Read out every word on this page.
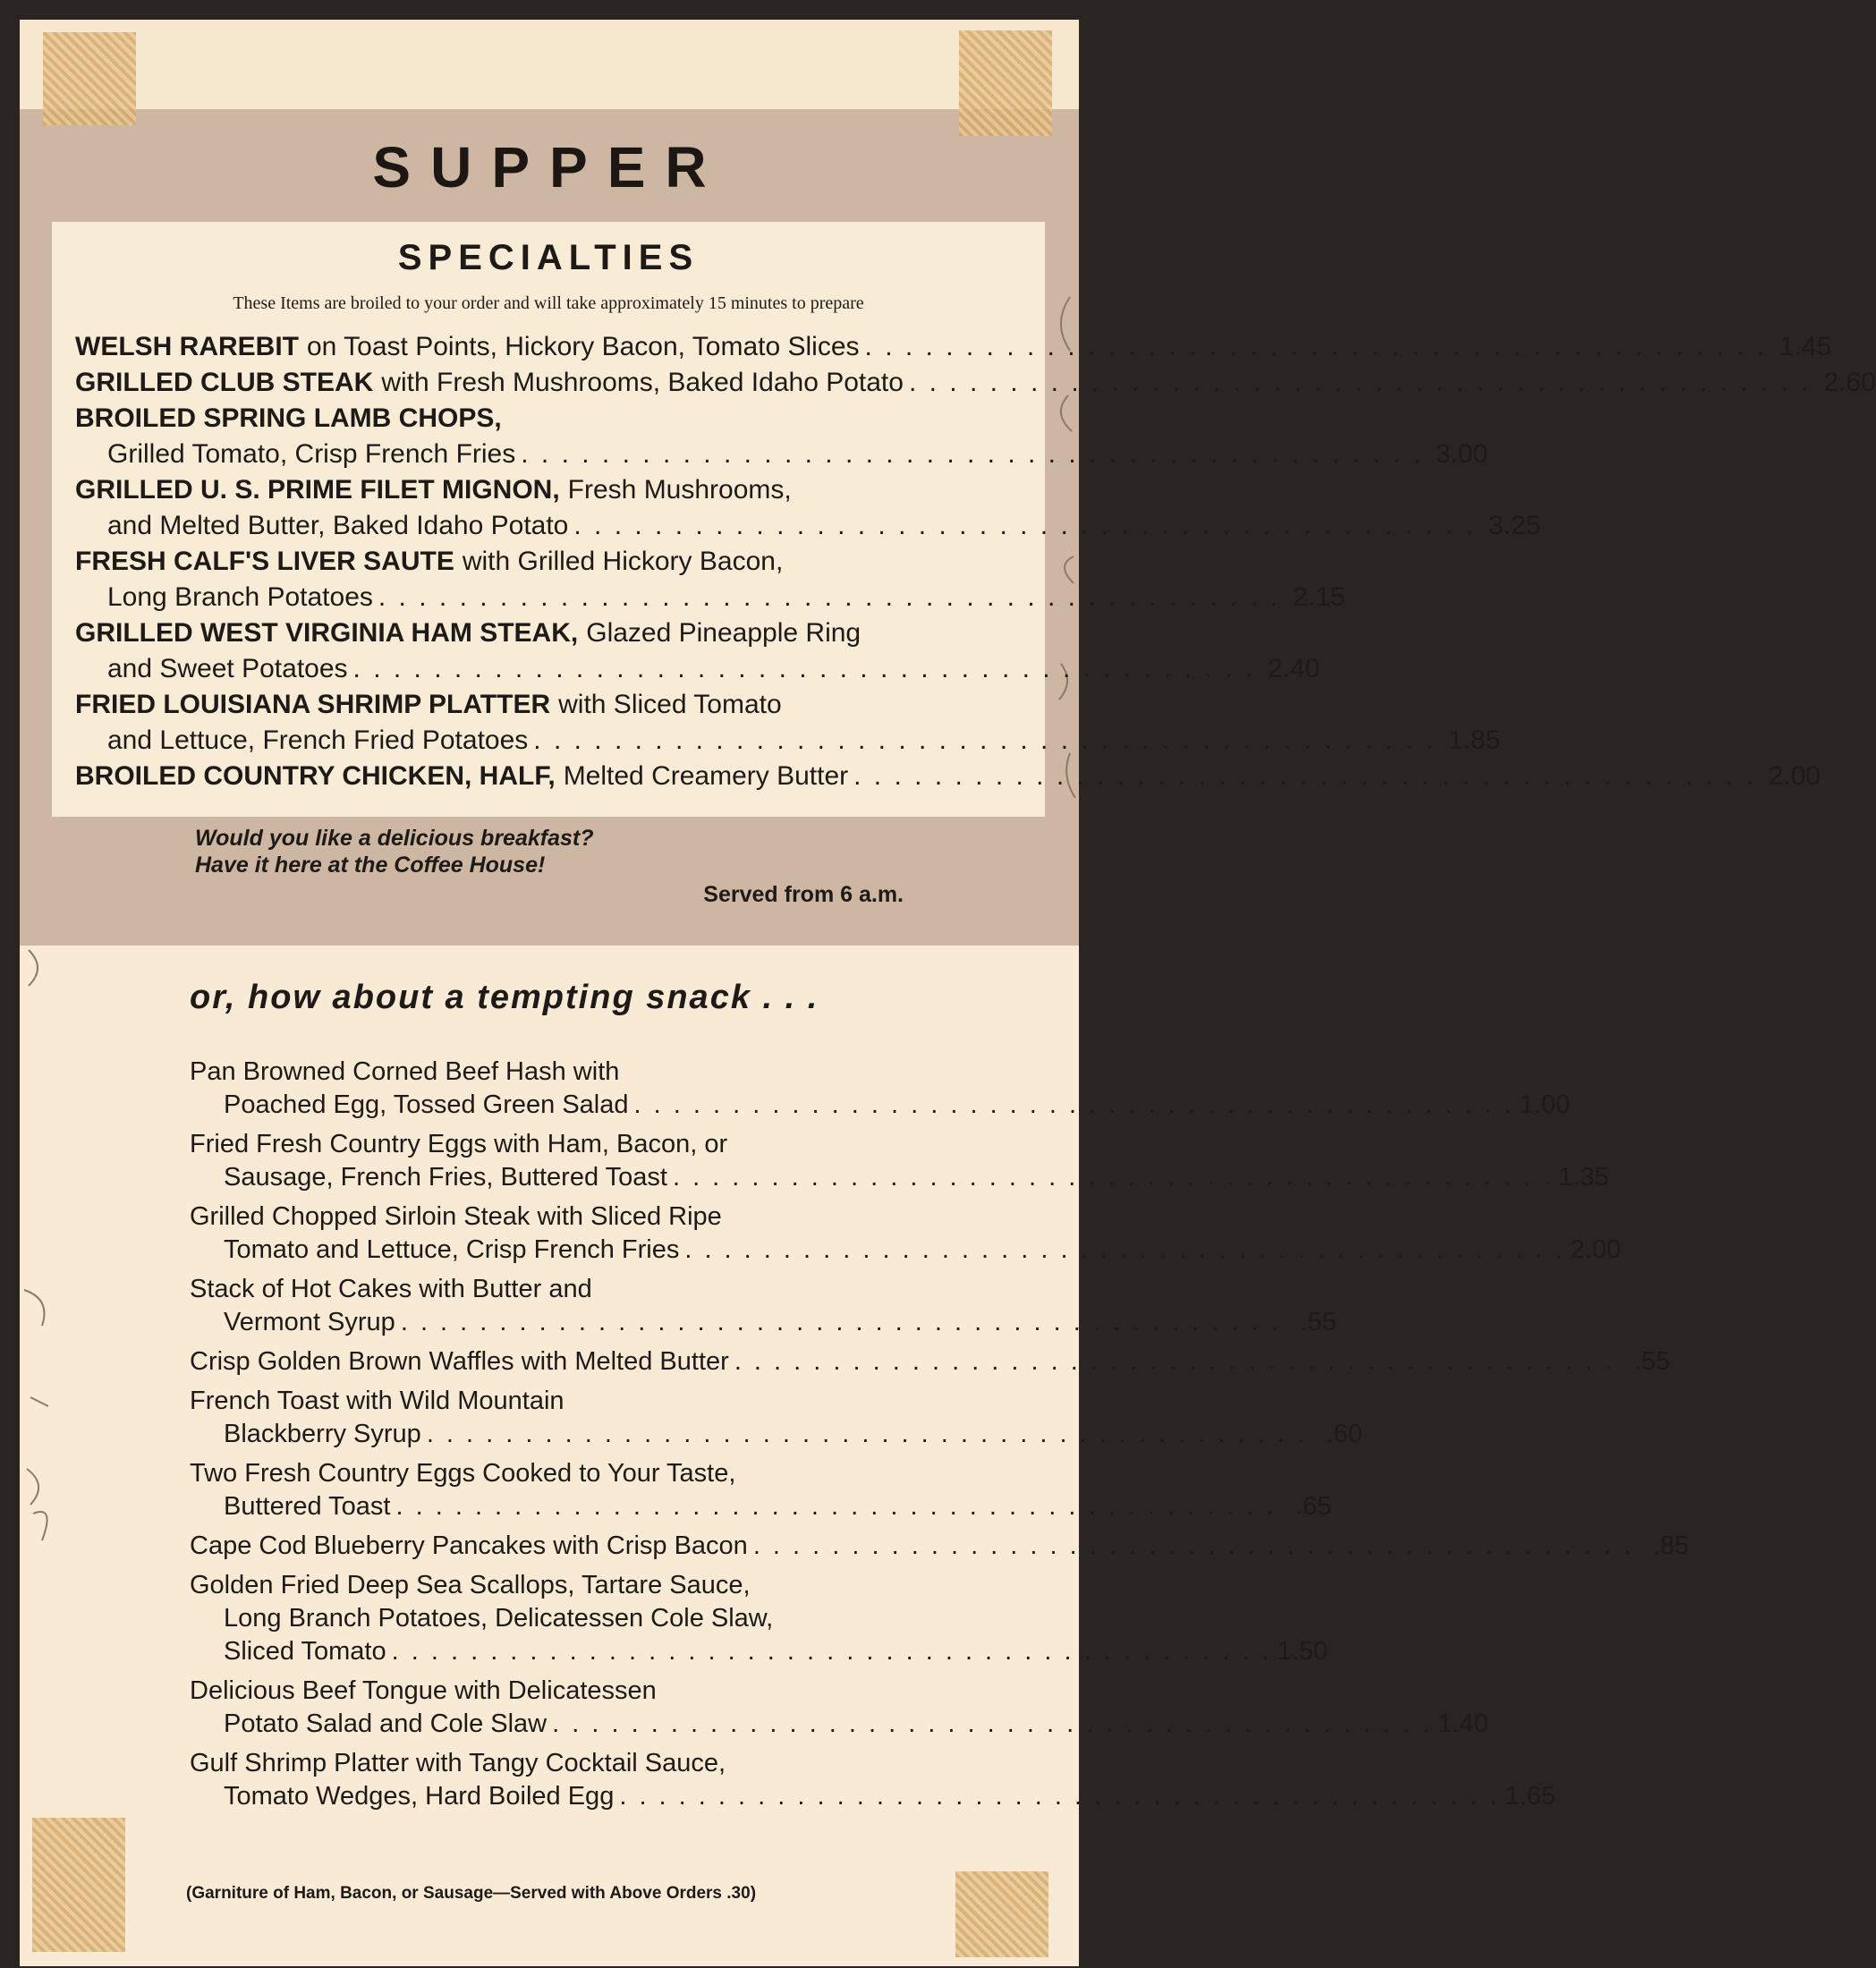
SUPPER
SPECIALTIES
These Items are broiled to your order and will take approximately 15 minutes to prepare
WELSH RAREBIT on Toast Points, Hickory Bacon, Tomato Slices . . . . . . . . . . . . . . . . . . . . . . . . . . . . . . . . . . . . . . . . . . . . . 1.45
GRILLED CLUB STEAK with Fresh Mushrooms, Baked Idaho Potato . . . . . . . . . . . . . . . . . . . . . . . . . . . . . . . . . . . . . . . . . . . . . 2.60
BROILED SPRING LAMB CHOPS,
Grilled Tomato, Crisp French Fries . . . . . . . . . . . . . . . . . . . . . . . . . . . . . . . . . . . . . . . . . . . . . 3.00
GRILLED U. S. PRIME FILET MIGNON, Fresh Mushrooms,
and Melted Butter, Baked Idaho Potato . . . . . . . . . . . . . . . . . . . . . . . . . . . . . . . . . . . . . . . . . . . . . 3.25
FRESH CALF'S LIVER SAUTE with Grilled Hickory Bacon,
Long Branch Potatoes . . . . . . . . . . . . . . . . . . . . . . . . . . . . . . . . . . . . . . . . . . . . . 2.15
GRILLED WEST VIRGINIA HAM STEAK, Glazed Pineapple Ring
and Sweet Potatoes . . . . . . . . . . . . . . . . . . . . . . . . . . . . . . . . . . . . . . . . . . . . . 2.40
FRIED LOUISIANA SHRIMP PLATTER with Sliced Tomato
and Lettuce, French Fried Potatoes . . . . . . . . . . . . . . . . . . . . . . . . . . . . . . . . . . . . . . . . . . . . . 1.85
BROILED COUNTRY CHICKEN, HALF, Melted Creamery Butter . . . . . . . . . . . . . . . . . . . . . . . . . . . . . . . . . . . . . . . . . . . . . 2.00
Would you like a delicious breakfast?
Have it here at the Coffee House!
Served from 6 a.m.
or, how about a tempting snack . . .
Pan Browned Corned Beef Hash with
Poached Egg, Tossed Green Salad . . . . . . . . . . . . . . . . . . . . . . . . . . . . . . . . . . . . . . . . . . . . . 1.00
Fried Fresh Country Eggs with Ham, Bacon, or
Sausage, French Fries, Buttered Toast . . . . . . . . . . . . . . . . . . . . . . . . . . . . . . . . . . . . . . . . . . . . . 1.35
Grilled Chopped Sirloin Steak with Sliced Ripe
Tomato and Lettuce, Crisp French Fries . . . . . . . . . . . . . . . . . . . . . . . . . . . . . . . . . . . . . . . . . . . . . 2.00
Stack of Hot Cakes with Butter and
Vermont Syrup . . . . . . . . . . . . . . . . . . . . . . . . . . . . . . . . . . . . . . . . . . . . . .55
Crisp Golden Brown Waffles with Melted Butter . . . . . . . . . . . . . . . . . . . . . . . . . . . . . . . . . . . . . . . . . . . . . .55
French Toast with Wild Mountain
Blackberry Syrup . . . . . . . . . . . . . . . . . . . . . . . . . . . . . . . . . . . . . . . . . . . . . .60
Two Fresh Country Eggs Cooked to Your Taste,
Buttered Toast . . . . . . . . . . . . . . . . . . . . . . . . . . . . . . . . . . . . . . . . . . . . . .65
Cape Cod Blueberry Pancakes with Crisp Bacon . . . . . . . . . . . . . . . . . . . . . . . . . . . . . . . . . . . . . . . . . . . . . .85
Golden Fried Deep Sea Scallops, Tartare Sauce,
Long Branch Potatoes, Delicatessen Cole Slaw,
Sliced Tomato . . . . . . . . . . . . . . . . . . . . . . . . . . . . . . . . . . . . . . . . . . . . . 1.50
Delicious Beef Tongue with Delicatessen
Potato Salad and Cole Slaw . . . . . . . . . . . . . . . . . . . . . . . . . . . . . . . . . . . . . . . . . . . . . 1.40
Gulf Shrimp Platter with Tangy Cocktail Sauce,
Tomato Wedges, Hard Boiled Egg . . . . . . . . . . . . . . . . . . . . . . . . . . . . . . . . . . . . . . . . . . . . . 1.65
(Garniture of Ham, Bacon, or Sausage—Served with Above Orders .30)
